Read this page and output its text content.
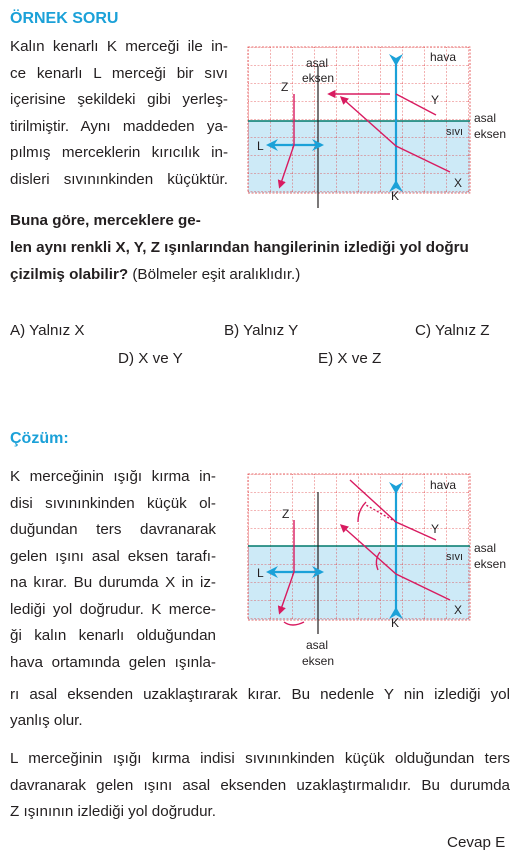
ÖRNEK SORU
Kalın kenarlı K merceği ile in-
ce kenarlı L merceği bir sıvı
içerisine şekildeki gibi yerleş-
tirilmiştir. Aynı maddeden ya-
pılmış merceklerin kırıcılık in-
disleri sıvınınkinden küçüktür.
Buna göre, merceklere ge-
len aynı renkli X, Y, Z ışınlarından hangilerinin izlediği yol doğru
çizilmiş olabilir? (Bölmeler eşit aralıklıdır.)
A) Yalnız X	B) Yalnız Y	C) Yalnız Z
D) X ve Y	E) X ve Z
asal
eksen
hava
sıvı
asal
eksen
Z
Y
X
L
K
Çözüm:
K merceğinin ışığı kırma in-
disi sıvınınkinden küçük ol-
duğundan ters davranarak
gelen ışını asal eksen tarafı-
na kırar. Bu durumda X in iz-
lediği yol doğrudur. K merce-
ği kalın kenarlı olduğundan
hava ortamında gelen ışınla-
rı asal eksenden uzaklaştırarak kırar. Bu nedenle Y nin izlediği yol
yanlış olur.
L merceğinin ışığı kırma indisi sıvınınkinden küçük olduğundan ters
davranarak gelen ışını asal eksenden uzaklaştırmalıdır. Bu durumda
Z ışınının izlediği yol doğrudur.
Cevap E
hava
sıvı
asal
eksen
Z
Y
X
L
K
asal
eksen
